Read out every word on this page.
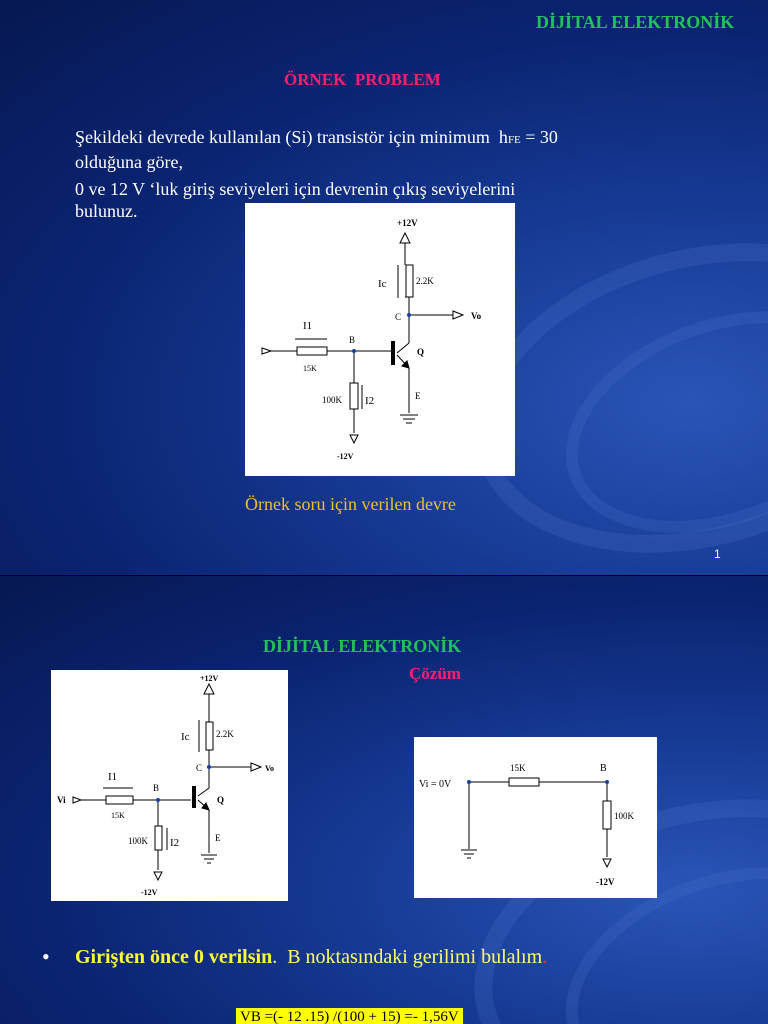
DİJİTAL ELEKTRONİK
ÖRNEK  PROBLEM
Şekildeki devrede kullanılan (Si) transistör için minimum  hFE = 30
olduğuna göre,
0 ve 12 V ‘luk giriş seviyeleri için devrenin çıkış seviyelerini
bulunuz.
+12V
2.2K
Ic
C	Vo
Q
B
I1
15K
100K I2	E
-12V
Örnek soru için verilen devre
1
DİJİTAL ELEKTRONİK
Çözüm
+12V
2.2K
Ic
C	Vo
Q
B
I1
Vi
15K
100K I2	E
-12V
Vi = 0V
15K	B
100K
-12V
• Girişten önce 0 verilsin.  B noktasındaki gerilimi bulalım.
VB =(- 12 .15) /(100 + 15) =- 1,56V
